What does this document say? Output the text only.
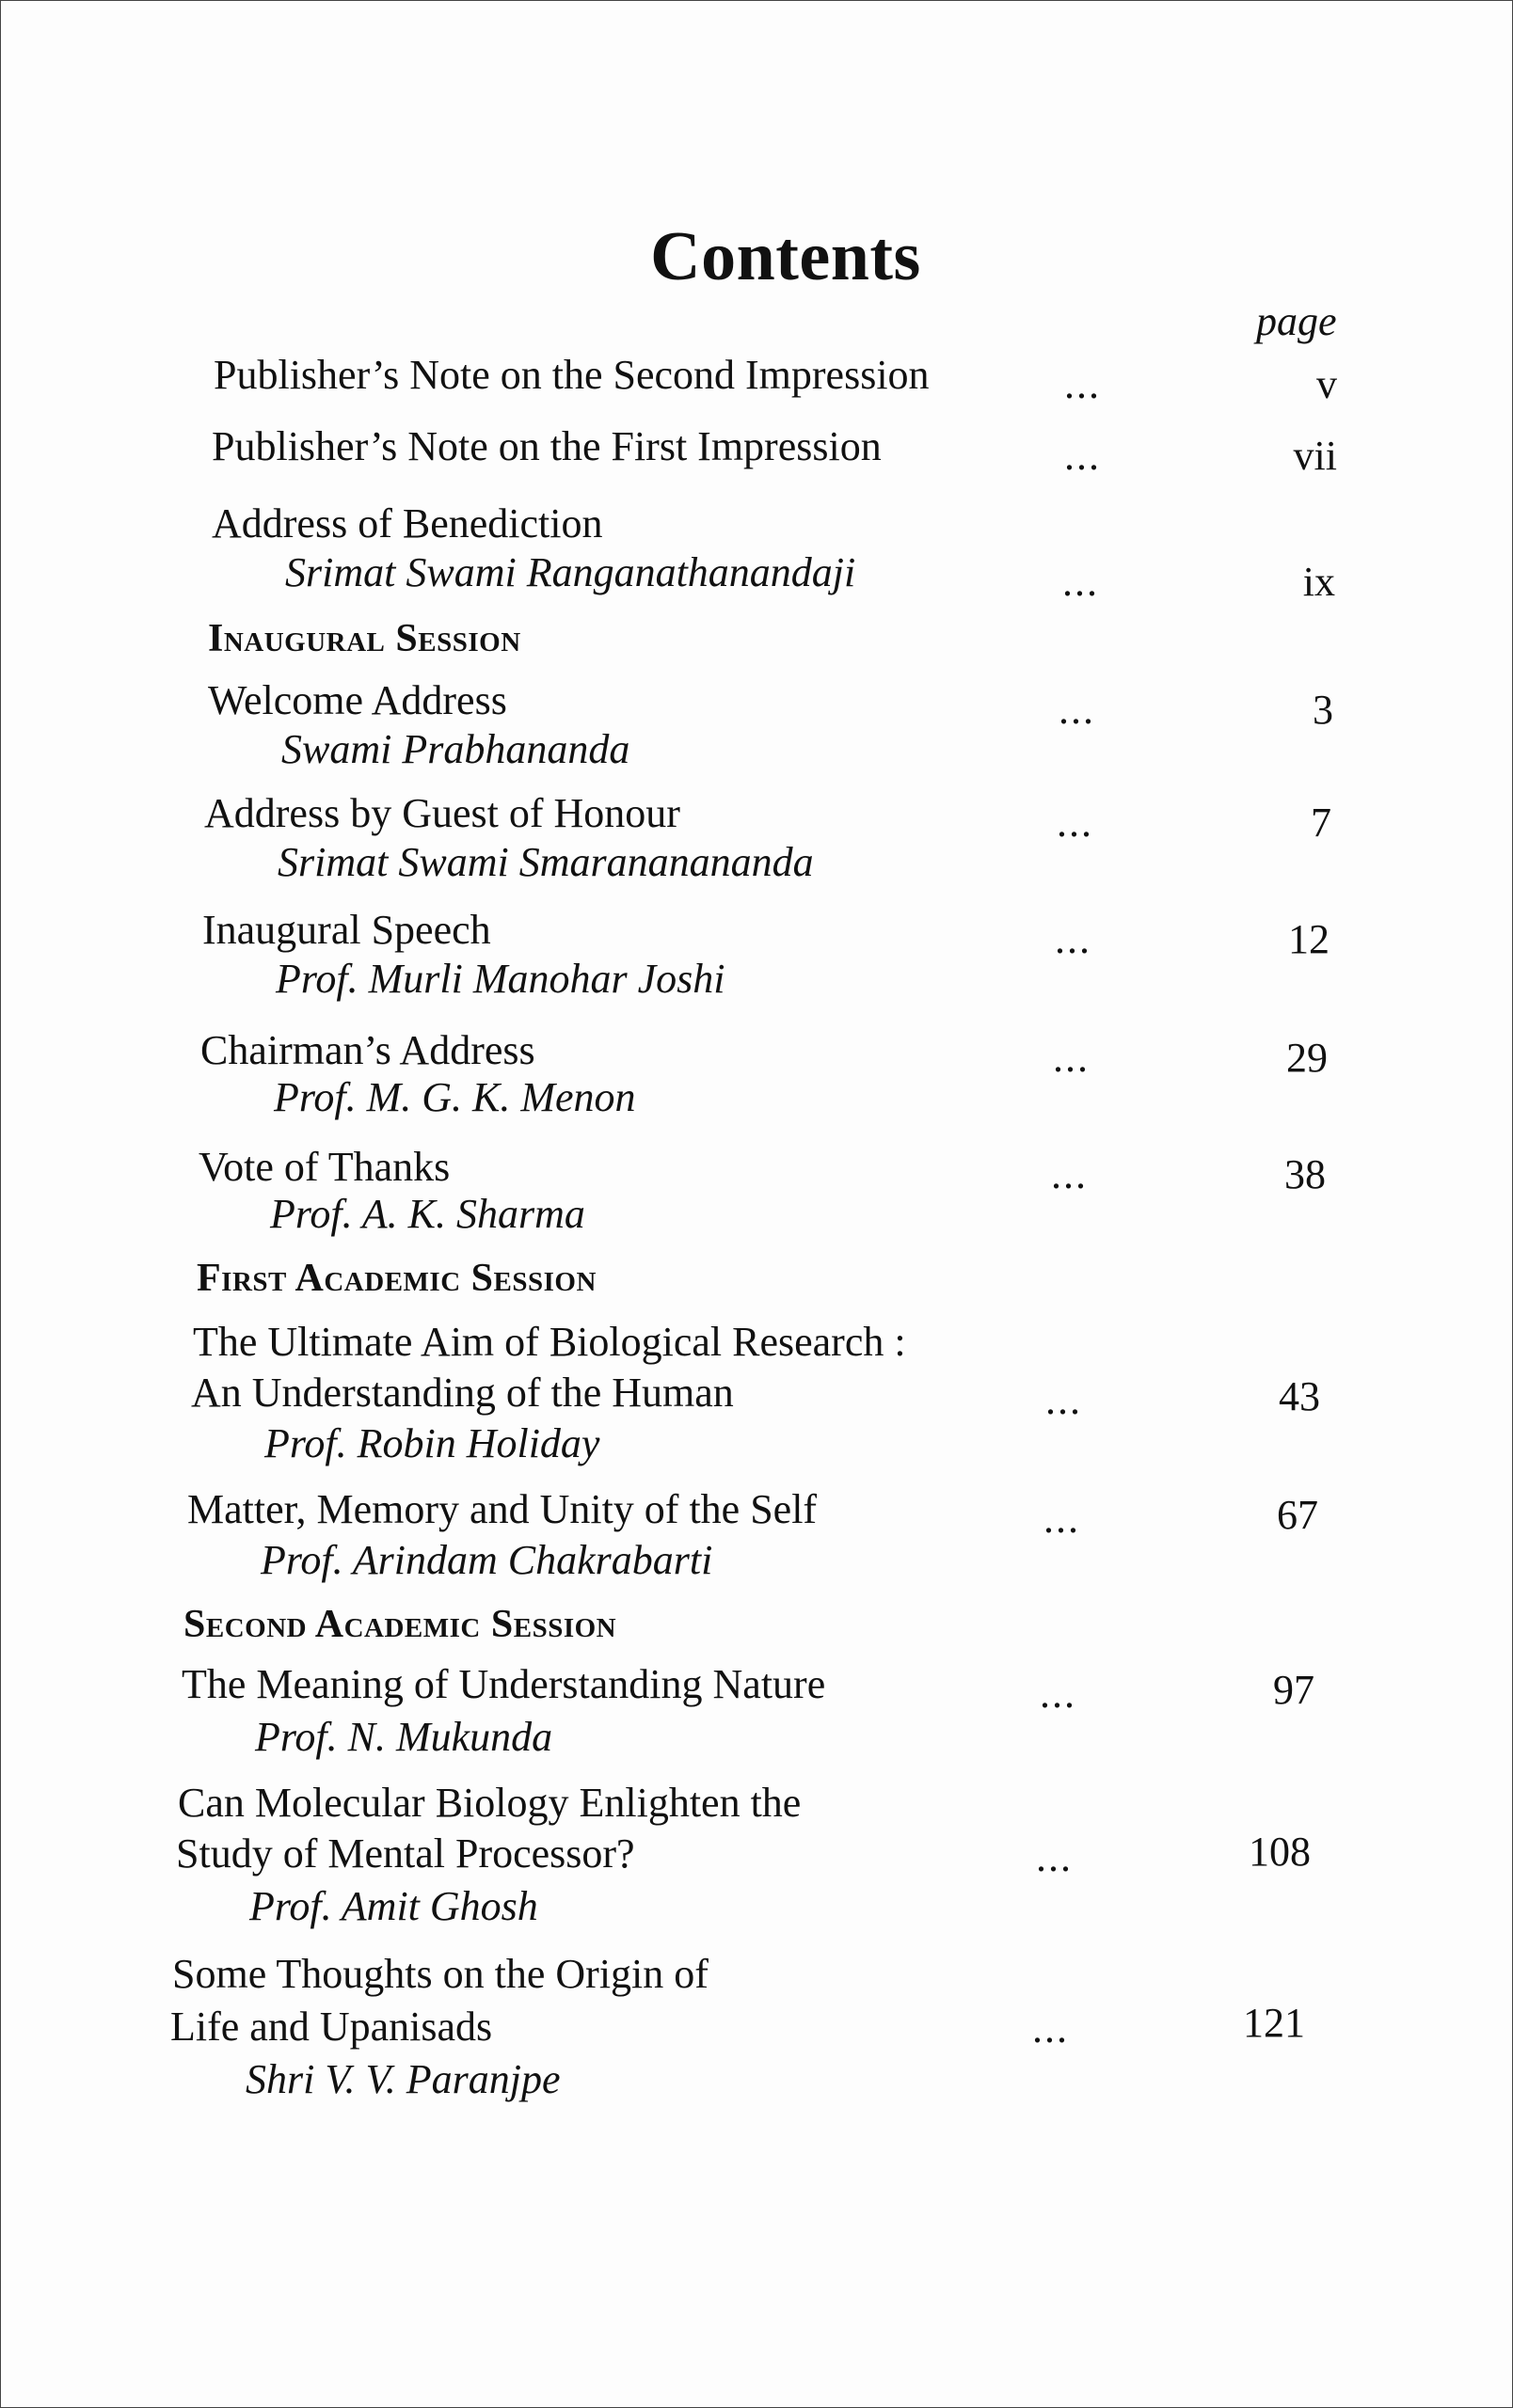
Contents
page
Publisher’s Note on the Second Impression	...	v
Publisher’s Note on the First Impression	...	vii
Address of Benediction
Srimat Swami Ranganathanandaji	...	ix
Inaugural Session
Welcome Address
Swami Prabhananda
...	3
Address by Guest of Honour
Srimat Swami Smarananananda
...	7
Inaugural Speech
Prof. Murli Manohar Joshi
...	12
Chairman’s Address
Prof. M. G. K. Menon
...	29
Vote of Thanks
Prof. A. K. Sharma
...	38
First Academic Session
The Ultimate Aim of Biological Research :
An Understanding of the Human
Prof. Robin Holiday
...	43
Matter, Memory and Unity of the Self
Prof. Arindam Chakrabarti
...	67
Second Academic Session
The Meaning of Understanding Nature
Prof. N. Mukunda
...	97
Can Molecular Biology Enlighten the
Study of Mental Processor?
Prof. Amit Ghosh
...	108
Some Thoughts on the Origin of
Life and Upanisads
Shri V. V. Paranjpe
...	121
